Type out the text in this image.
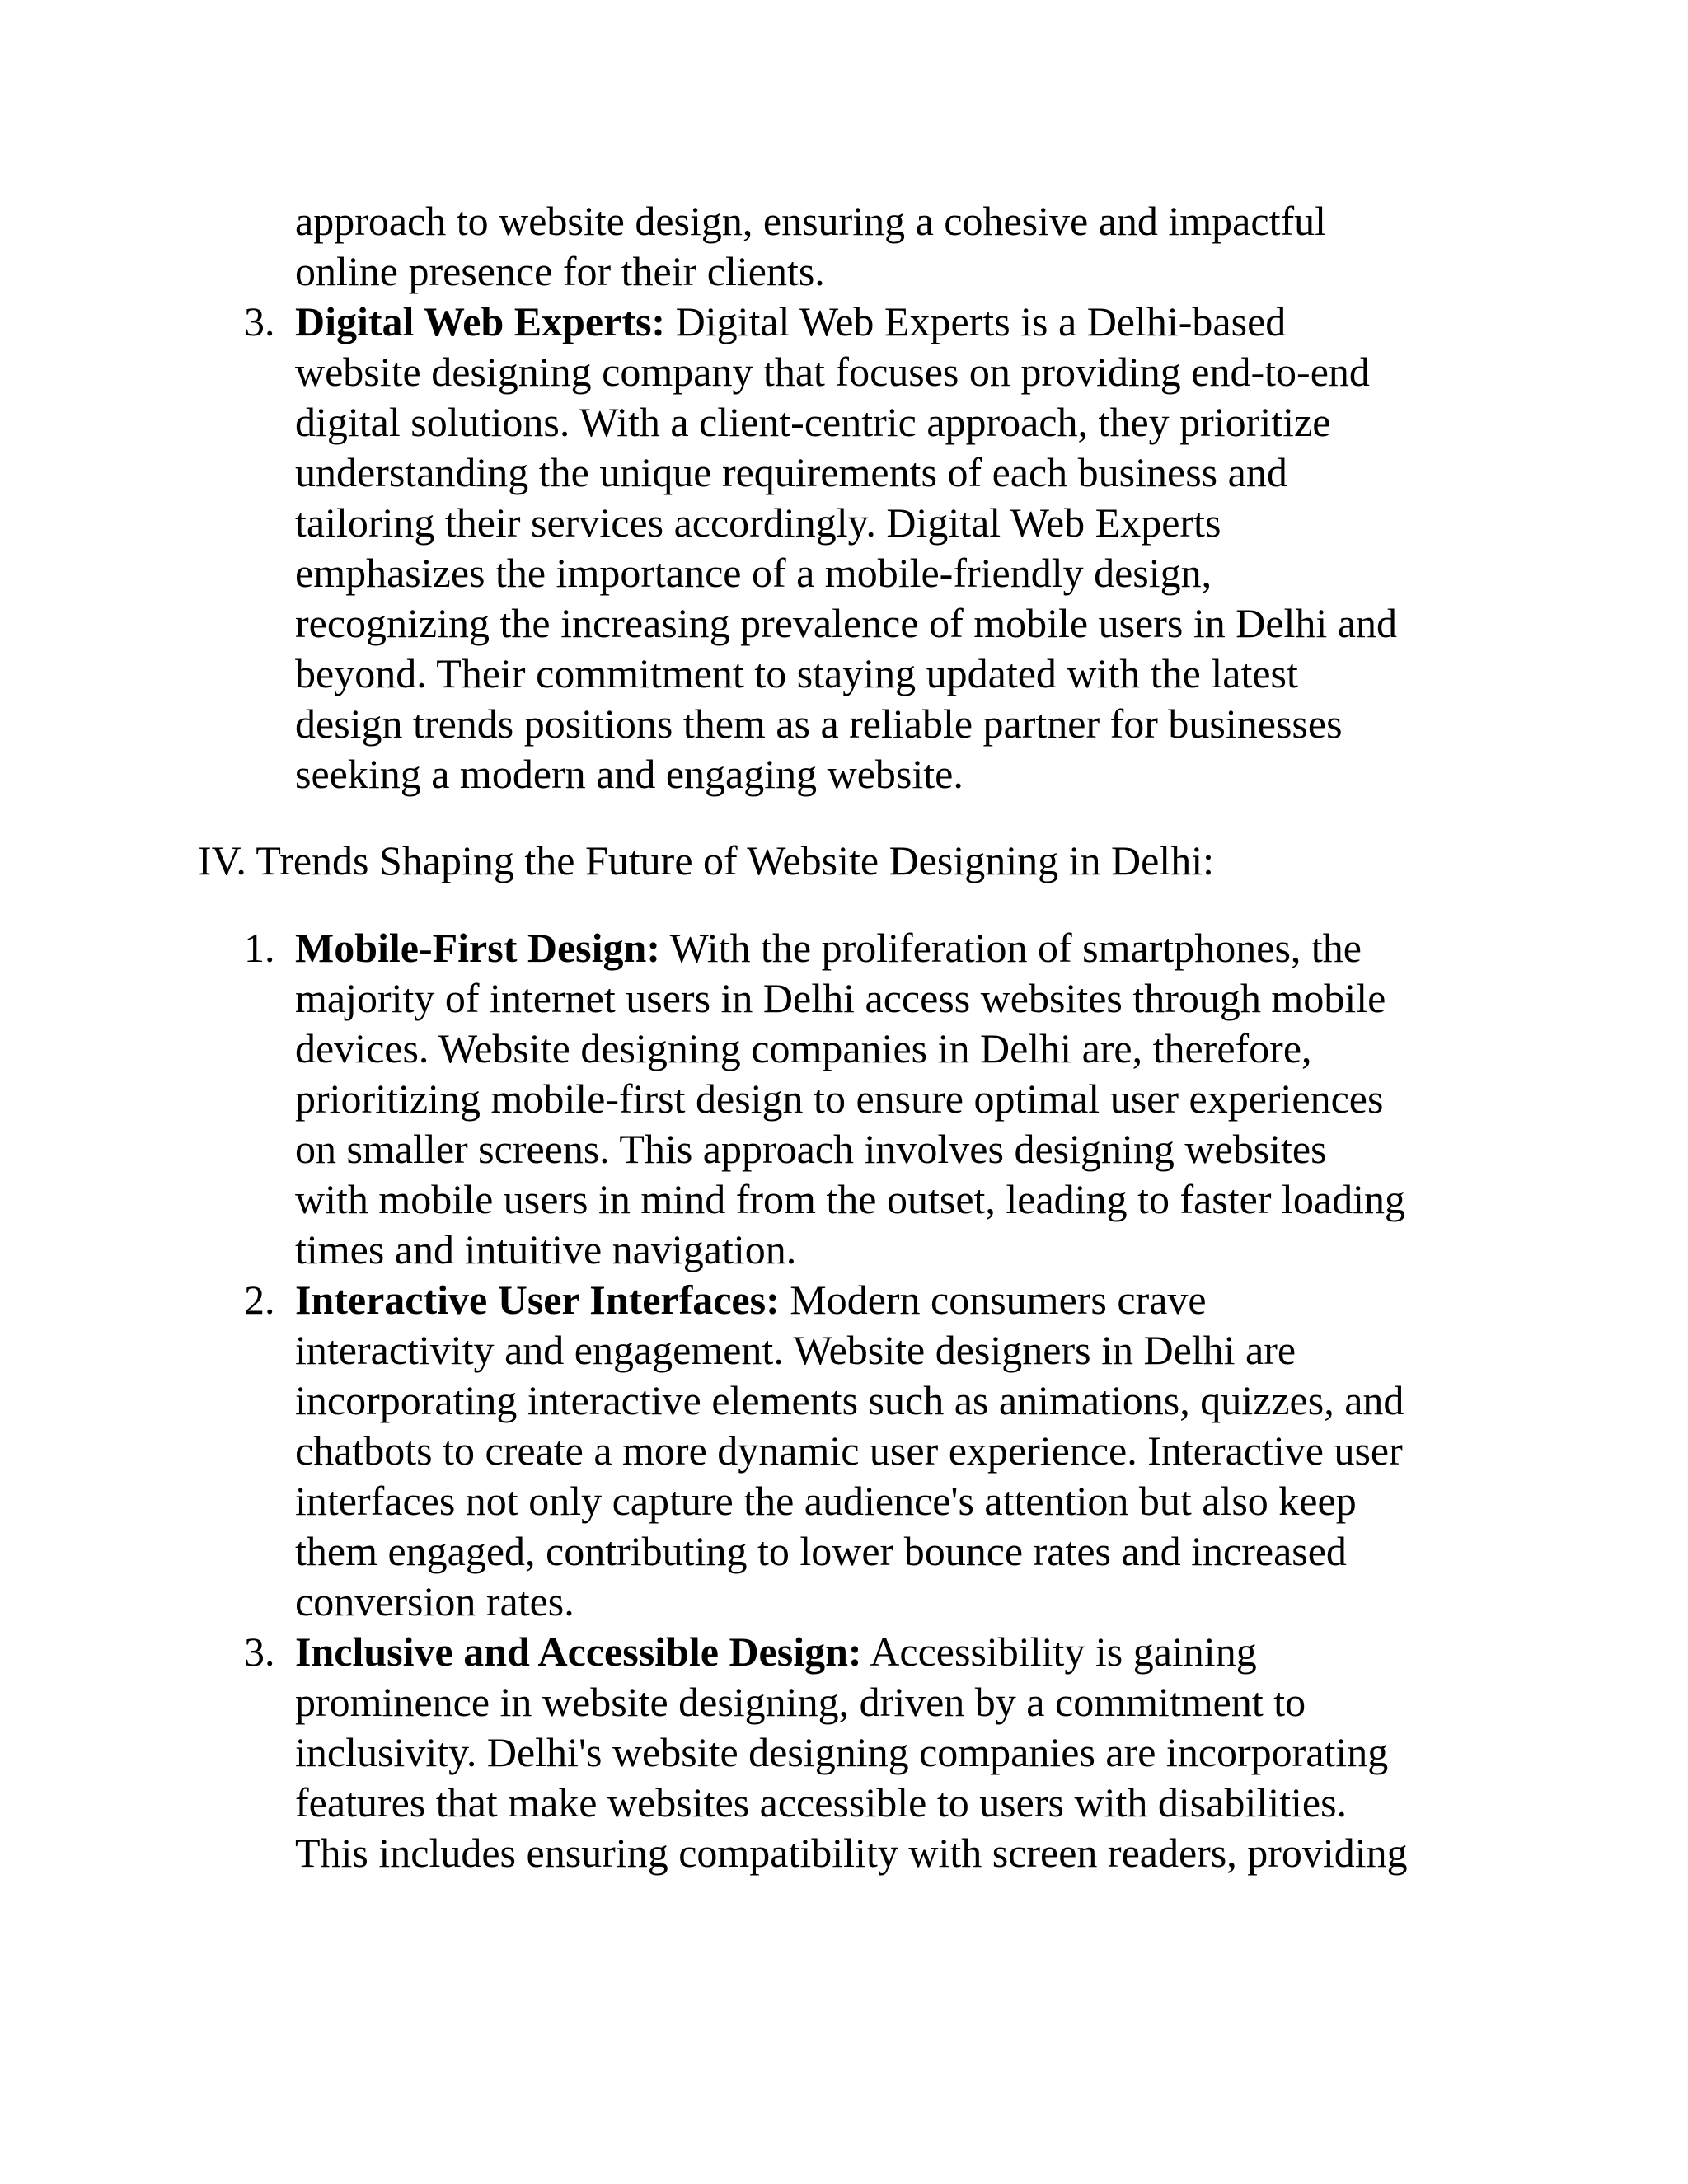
approach to website design, ensuring a cohesive and impactful
online presence for their clients.
3. Digital Web Experts: Digital Web Experts is a Delhi-based
website designing company that focuses on providing end-to-end
digital solutions. With a client-centric approach, they prioritize
understanding the unique requirements of each business and
tailoring their services accordingly. Digital Web Experts
emphasizes the importance of a mobile-friendly design,
recognizing the increasing prevalence of mobile users in Delhi and
beyond. Their commitment to staying updated with the latest
design trends positions them as a reliable partner for businesses
seeking a modern and engaging website.
IV. Trends Shaping the Future of Website Designing in Delhi:
1. Mobile-First Design: With the proliferation of smartphones, the
majority of internet users in Delhi access websites through mobile
devices. Website designing companies in Delhi are, therefore,
prioritizing mobile-first design to ensure optimal user experiences
on smaller screens. This approach involves designing websites
with mobile users in mind from the outset, leading to faster loading
times and intuitive navigation.
2. Interactive User Interfaces: Modern consumers crave
interactivity and engagement. Website designers in Delhi are
incorporating interactive elements such as animations, quizzes, and
chatbots to create a more dynamic user experience. Interactive user
interfaces not only capture the audience's attention but also keep
them engaged, contributing to lower bounce rates and increased
conversion rates.
3. Inclusive and Accessible Design: Accessibility is gaining
prominence in website designing, driven by a commitment to
inclusivity. Delhi's website designing companies are incorporating
features that make websites accessible to users with disabilities.
This includes ensuring compatibility with screen readers, providing
